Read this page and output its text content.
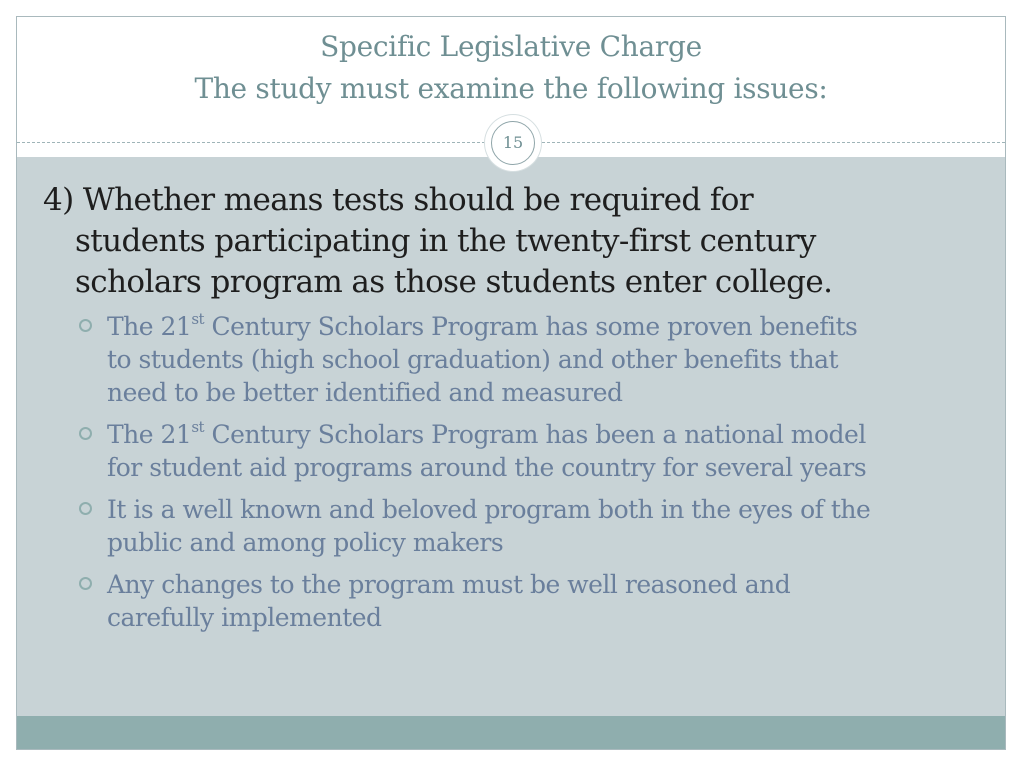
Specific Legislative Charge
The study must examine the following issues:
15
4) Whether means tests should be required for
students participating in the twenty-first century
scholars program as those students enter college.
The 21st Century Scholars Program has some proven benefits
to students (high school graduation) and other benefits that
need to be better identified and measured
The 21st Century Scholars Program has been a national model
for student aid programs around the country for several years
It is a well known and beloved program both in the eyes of the
public and among policy makers
Any changes to the program must be well reasoned and
carefully implemented
